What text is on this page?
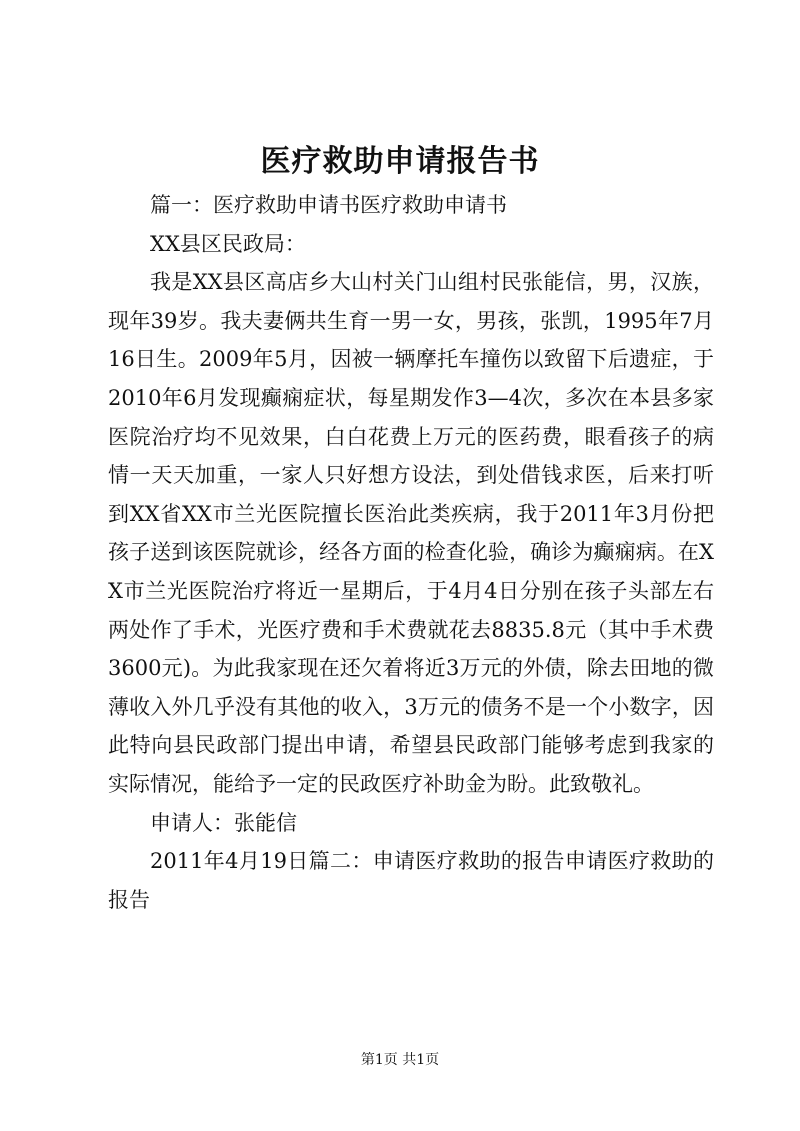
医疗救助申请报告书

篇一：医疗救助申请书医疗救助申请书

XX县区民政局：

我是XX县区高店乡大山村关门山组村民张能信，男，汉族，现年39岁。我夫妻俩共生育一男一女，男孩，张凯，1995年7月16日生。2009年5月，因被一辆摩托车撞伤以致留下后遗症，于2010年6月发现癫痫症状，每星期发作3—4次，多次在本县多家医院治疗均不见效果，白白花费上万元的医药费，眼看孩子的病情一天天加重，一家人只好想方设法，到处借钱求医，后来打听到XX省XX市兰光医院擅长医治此类疾病，我于2011年3月份把孩子送到该医院就诊，经各方面的检查化验，确诊为癫痫病。在XX市兰光医院治疗将近一星期后，于4月4日分别在孩子头部左右两处作了手术，光医疗费和手术费就花去8835.8元（其中手术费3600元)。为此我家现在还欠着将近3万元的外债，除去田地的微薄收入外几乎没有其他的收入，3万元的债务不是一个小数字，因此特向县民政部门提出申请，希望县民政部门能够考虑到我家的实际情况，能给予一定的民政医疗补助金为盼。此致敬礼。

申请人：张能信

2011年4月19日篇二：申请医疗救助的报告申请医疗救助的报告

第1页 共1页
